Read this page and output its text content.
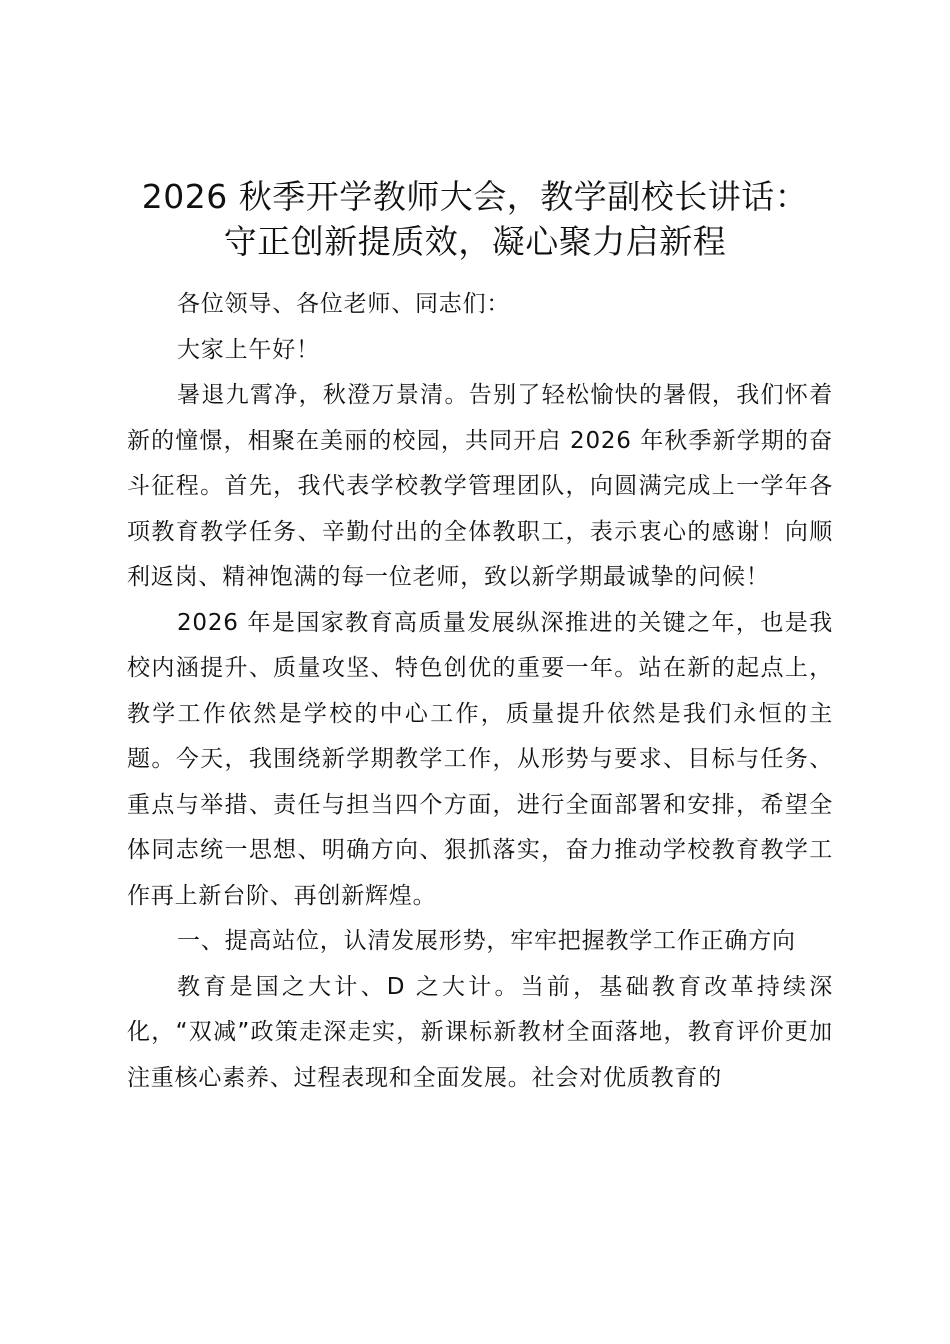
2026 秋季开学教师大会，教学副校长讲话：
守正创新提质效，凝心聚力启新程

各位领导、各位老师、同志们：

大家上午好！

暑退九霄净，秋澄万景清。告别了轻松愉快的暑假，我们怀着新的憧憬，相聚在美丽的校园，共同开启 2026 年秋季新学期的奋斗征程。首先，我代表学校教学管理团队，向圆满完成上一学年各项教育教学任务、辛勤付出的全体教职工，表示衷心的感谢！向顺利返岗、精神饱满的每一位老师，致以新学期最诚挚的问候！

2026 年是国家教育高质量发展纵深推进的关键之年，也是我校内涵提升、质量攻坚、特色创优的重要一年。站在新的起点上，教学工作依然是学校的中心工作，质量提升依然是我们永恒的主题。今天，我围绕新学期教学工作，从形势与要求、目标与任务、重点与举措、责任与担当四个方面，进行全面部署和安排，希望全体同志统一思想、明确方向、狠抓落实，奋力推动学校教育教学工作再上新台阶、再创新辉煌。

一、提高站位，认清发展形势，牢牢把握教学工作正确方向

教育是国之大计、D 之大计。当前，基础教育改革持续深化，“双减”政策走深走实，新课标新教材全面落地，教育评价更加注重核心素养、过程表现和全面发展。社会对优质教育的
